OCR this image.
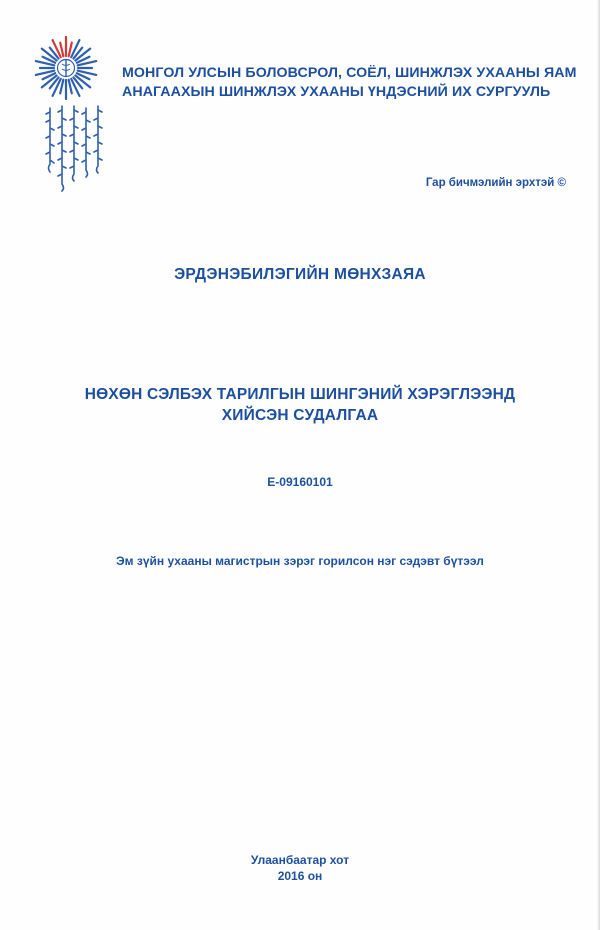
МОНГОЛ УЛСЫН БОЛОВСРОЛ, СОЁЛ, ШИНЖЛЭХ УХААНЫ ЯАМ
АНАГААХЫН ШИНЖЛЭХ УХААНЫ ҮНДЭСНИЙ ИХ СУРГУУЛЬ
Гар бичмэлийн эрхтэй ©
ЭРДЭНЭБИЛЭГИЙН МӨНХЗАЯА
НӨХӨН СЭЛБЭХ ТАРИЛГЫН ШИНГЭНИЙ ХЭРЭГЛЭЭНД
ХИЙСЭН СУДАЛГАА
Е-09160101
Эм зүйн ухааны магистрын зэрэг горилсон нэг сэдэвт бүтээл
Улаанбаатар хот
2016 он
